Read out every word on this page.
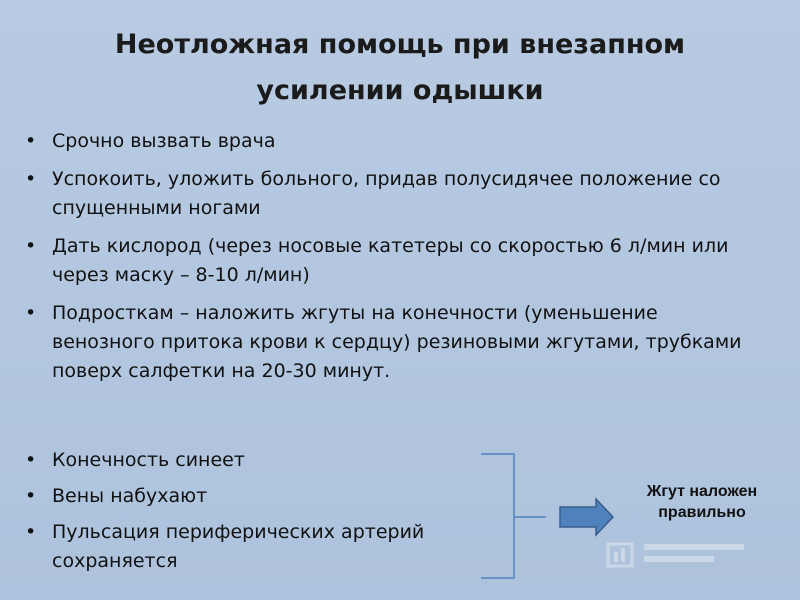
Неотложная помощь при внезапном усилении одышки
• Срочно вызвать врача
• Успокоить, уложить больного, придав полусидячее положение со спущенными ногами
• Дать кислород (через носовые катетеры со скоростью 6 л/мин или через маску – 8-10 л/мин)
• Подросткам – наложить жгуты на конечности (уменьшение венозного притока крови к сердцу) резиновыми жгутами, трубками поверх салфетки на 20-30 минут.
• Конечность синеет
• Вены набухают
• Пульсация периферических артерий сохраняется
Жгут наложен правильно
